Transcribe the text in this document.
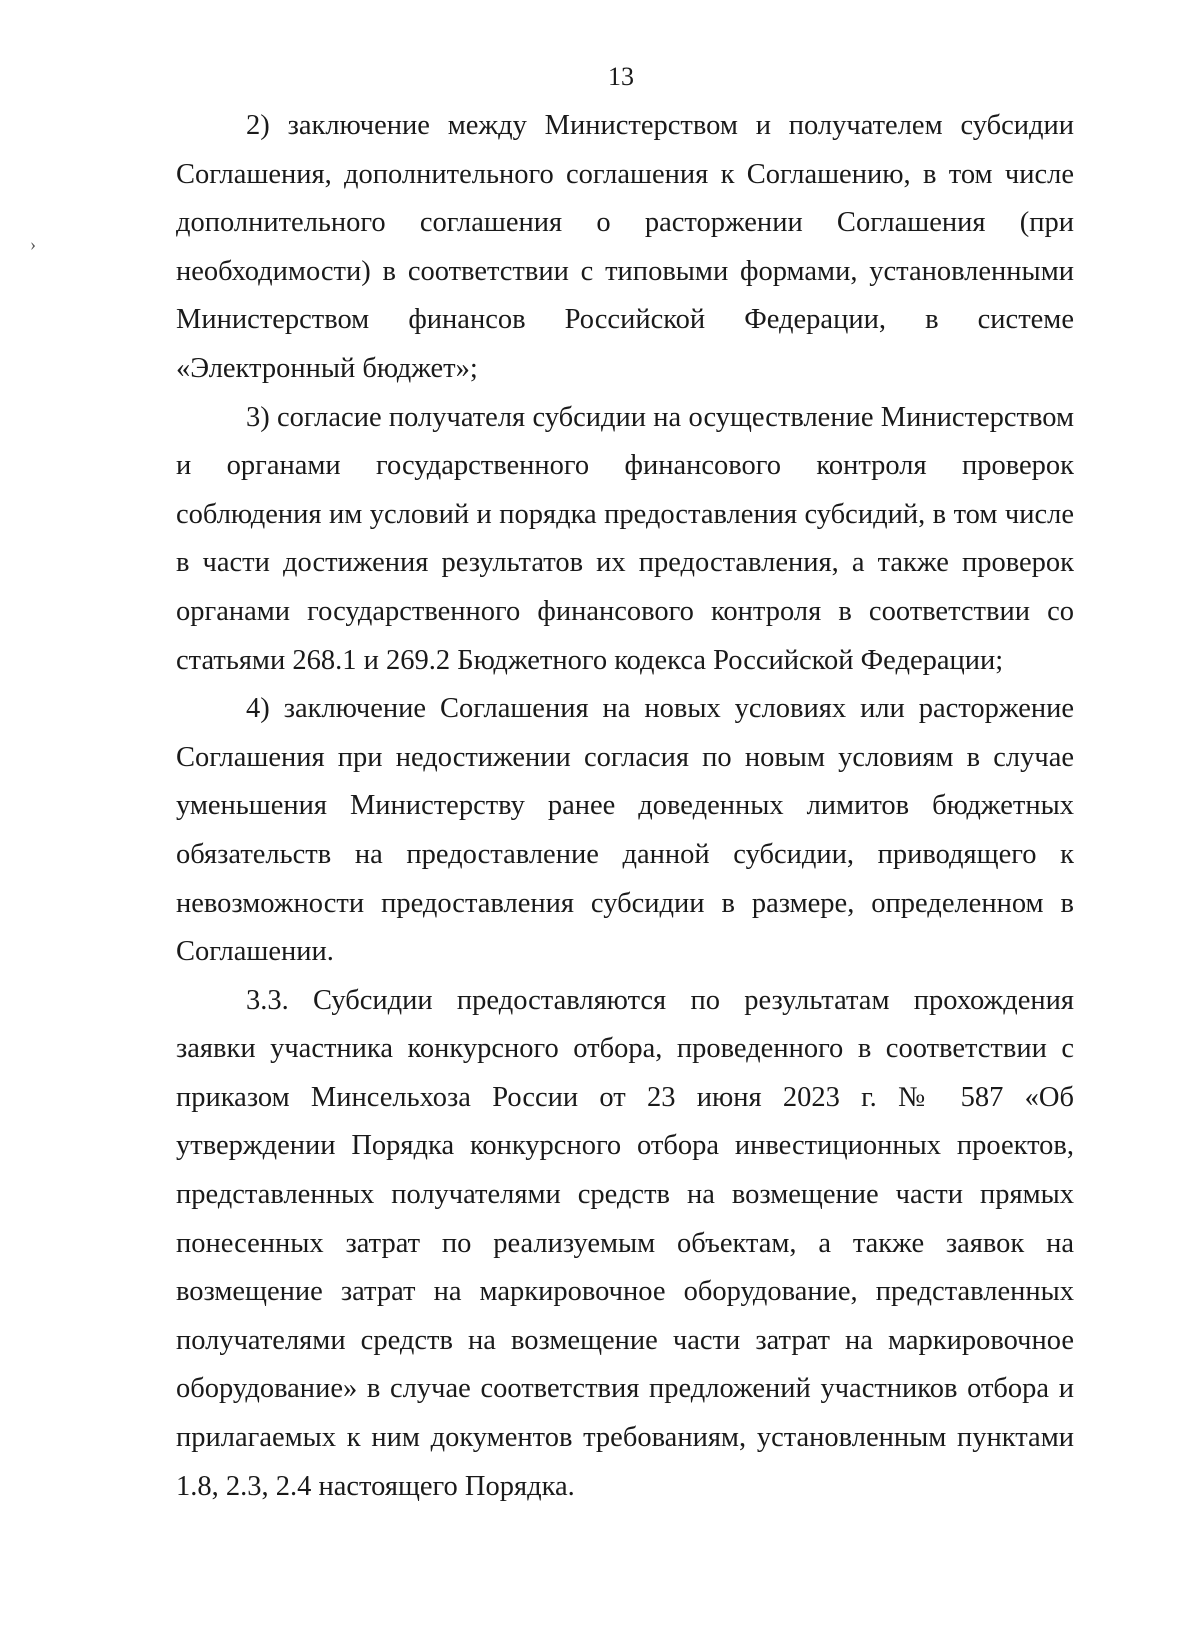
13
›

2) заключение между Министерством и получателем субсидии Соглашения, дополнительного соглашения к Соглашению, в том числе дополнительного соглашения о расторжении Соглашения (при необходимости) в соответствии с типовыми формами, установленными Министерством финансов Российской Федерации, в системе «Электронный бюджет»;

3) согласие получателя субсидии на осуществление Министерством и органами государственного финансового контроля проверок соблюдения им условий и порядка предоставления субсидий, в том числе в части достижения результатов их предоставления, а также проверок органами государственного финансового контроля в соответствии со статьями 268.1 и 269.2 Бюджетного кодекса Российской Федерации;

4) заключение Соглашения на новых условиях или расторжение Соглашения при недостижении согласия по новым условиям в случае уменьшения Министерству ранее доведенных лимитов бюджетных обязательств на предоставление данной субсидии, приводящего к невозможности предоставления субсидии в размере, определенном в Соглашении.

3.3. Субсидии предоставляются по результатам прохождения заявки участника конкурсного отбора, проведенного в соответствии с приказом Минсельхоза России от 23 июня 2023 г. № 587 «Об утверждении Порядка конкурсного отбора инвестиционных проектов, представленных получателями средств на возмещение части прямых понесенных затрат по реализуемым объектам, а также заявок на возмещение затрат на маркировочное оборудование, представленных получателями средств на возмещение части затрат на маркировочное оборудование» в случае соответствия предложений участников отбора и прилагаемых к ним документов требованиям, установленным пунктами 1.8, 2.3, 2.4 настоящего Порядка.
